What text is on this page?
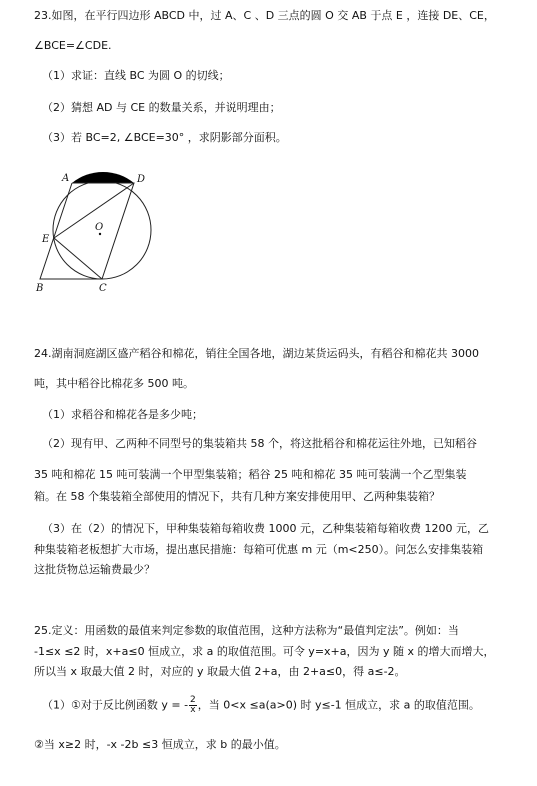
23.如图，在平行四边形 ABCD 中，过 A、C 、D 三点的圆 O 交 AB 于点 E ，连接 DE、CE，
∠BCE=∠CDE.
（1）求证：直线 BC 为圆 O 的切线；
（2）猜想 AD 与 CE 的数量关系，并说明理由；
（3）若 BC=2, ∠BCE=30° ，求阴影部分面积。
A	D
O
E
B	C
24.湖南洞庭湖区盛产稻谷和棉花，销往全国各地，湖边某货运码头，有稻谷和棉花共 3000
吨，其中稻谷比棉花多 500 吨。
（1）求稻谷和棉花各是多少吨；
（2）现有甲、乙两种不同型号的集装箱共 58 个，将这批稻谷和棉花运往外地，已知稻谷
35 吨和棉花 15 吨可装满一个甲型集装箱；稻谷 25 吨和棉花 35 吨可装满一个乙型集装
箱。在 58 个集装箱全部使用的情况下，共有几种方案安排使用甲、乙两种集装箱？
（3）在（2）的情况下，甲种集装箱每箱收费 1000 元，乙种集装箱每箱收费 1200 元，乙
种集装箱老板想扩大市场，提出惠民措施：每箱可优惠 m 元（m<250）。问怎么安排集装箱
这批货物总运输费最少？
25.定义：用函数的最值来判定参数的取值范围，这种方法称为“最值判定法”。例如：当
-1≤x ≤2 时，x+a≤0 恒成立，求 a 的取值范围。可令 y=x+a，因为 y 随 x 的增大而增大，
所以当 x 取最大值 2 时，对应的 y 取最大值 2+a，由 2+a≤0，得 a≤-2。
（1）①对于反比例函数 y = - $\frac{2}{x}$ ，当 0<x ≤a(a>0) 时 y≤-1 恒成立，求 a 的取值范围。
②当 x≥2 时，-x -2b ≤3 恒成立，求 b 的最小值。
